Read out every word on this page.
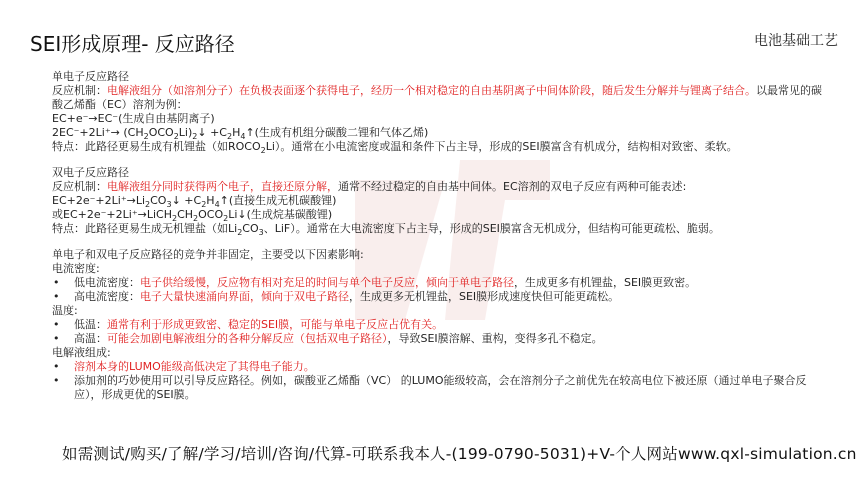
SEI形成原理- 反应路径	电池基础工艺

单电子反应路径

反应机制：电解液组分（如溶剂分子）在负极表面逐个获得电子，经历一个相对稳定的自由基阴离子中间体阶段，随后发生分解并与锂离子结合。以最常见的碳酸乙烯酯（EC）溶剂为例：

EC+e⁻→EC⁻(生成自由基阴离子)

$2EC^-+2Li^+\to (CH_2OCO_2Li)_2↓$ $+C_2H_4↑$(生成有机组分碳酸二锂和气体乙烯)

特点：此路径更易生成有机锂盐（如$ROCO_2Li$）。通常在小电流密度或温和条件下占主导，形成的SEI膜富含有机成分，结构相对致密、柔软。

双电子反应路径

反应机制：电解液组分同时获得两个电子，直接还原分解，通常不经过稳定的自由基中间体。EC溶剂的双电子反应有两种可能表述:

$EC+2e^-+2Li^+\to Li_2CO_3↓$ $+C_2H_4↑$(直接生成无机碳酸锂)

或$EC+2e^-+2Li^+\to LiCH_2CH_2OCO_2Li↓$(生成烷基碳酸锂)

特点：此路径更易生成无机锂盐（如$Li_2CO_3$、LiF）。通常在大电流密度下占主导，形成的SEI膜富含无机成分，但结构可能更疏松、脆弱。

单电子和双电子反应路径的竞争并非固定，主要受以下因素影响:

电流密度:

• 低电流密度：电子供给缓慢，反应物有相对充足的时间与单个电子反应，倾向于单电子路径，生成更多有机锂盐，SEI膜更致密。
• 高电流密度：电子大量快速涌向界面，倾向于双电子路径，生成更多无机锂盐，SEI膜形成速度快但可能更疏松。

温度:

• 低温：通常有利于形成更致密、稳定的SEI膜，可能与单电子反应占优有关。
• 高温：可能会加剧电解液组分的各种分解反应（包括双电子路径），导致SEI膜溶解、重构，变得多孔不稳定。

电解液组成:

• 溶剂本身的LUMO能级高低决定了其得电子能力。
• 添加剂的巧妙使用可以引导反应路径。例如，碳酸亚乙烯酯（VC） 的LUMO能级较高，会在溶剂分子之前优先在较高电位下被还原（通过单电子聚合反应），形成更优的SEI膜。
如需测试/购买/了解/学习/培训/咨询/代算-可联系我本人-(199-0790-5031)+V-个人网站www.qxl-simulation.cn
